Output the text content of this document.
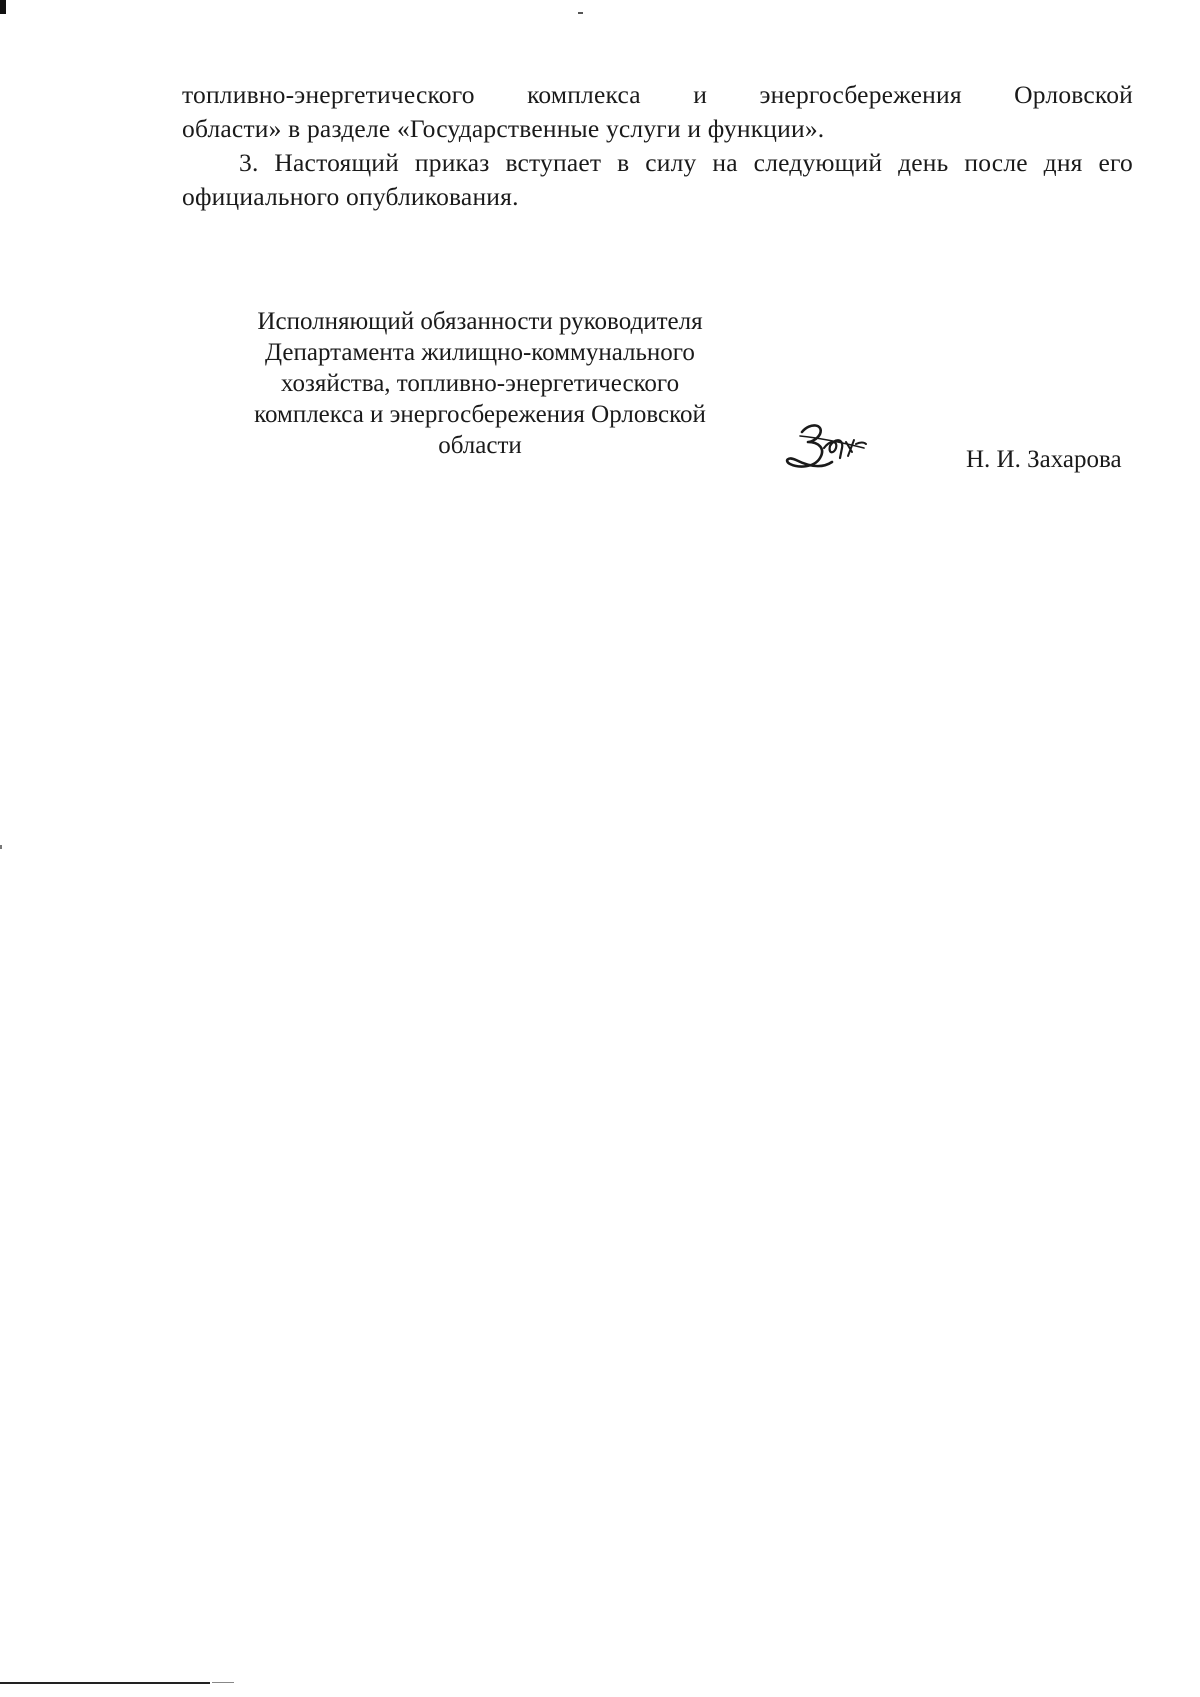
топливно-энергетического комплекса и энергосбережения Орловской

области» в разделе «Государственные услуги и функции».

3. Настоящий приказ вступает в силу на следующий день после дня его официального опубликования.

Исполняющий обязанности руководителя
Департамента жилищно-коммунального
хозяйства, топливно-энергетического
комплекса и энергосбережения Орловской
области
Н. И. Захарова
